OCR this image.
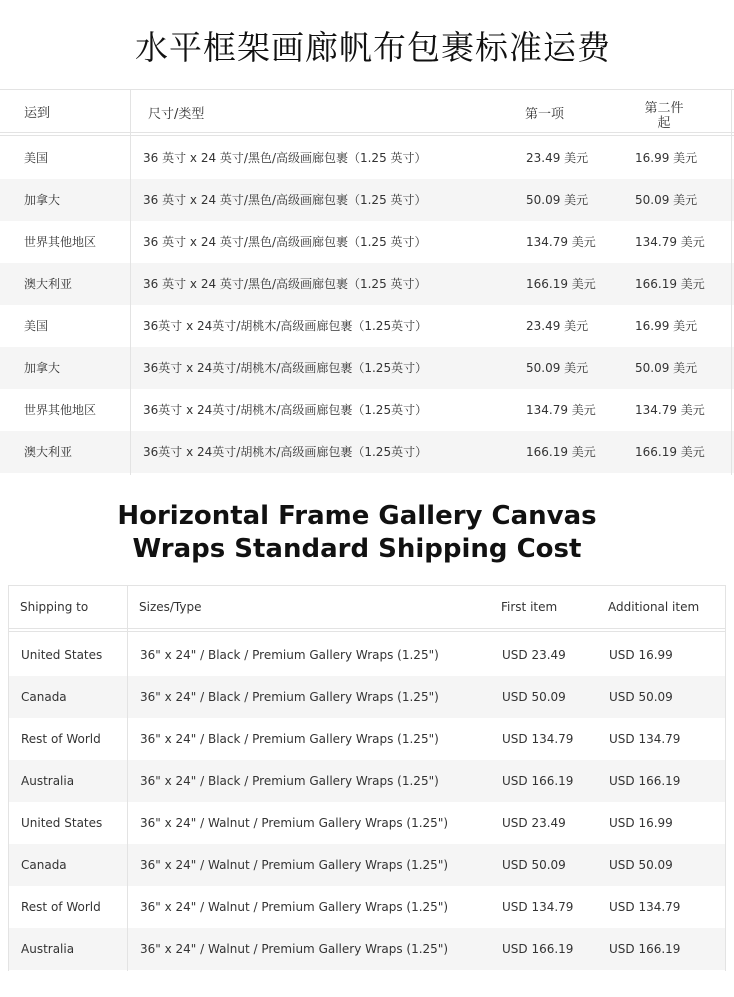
水平框架画廊帆布包裹标准运费
运到	尺寸/类型	第一项	第二件
起
美国	36 英寸 x 24 英寸/黑色/高级画廊包裹（1.25 英寸）	23.49 美元	16.99 美元
加拿大	36 英寸 x 24 英寸/黑色/高级画廊包裹（1.25 英寸）	50.09 美元	50.09 美元
世界其他地区	36 英寸 x 24 英寸/黑色/高级画廊包裹（1.25 英寸）	134.79 美元	134.79 美元
澳大利亚	36 英寸 x 24 英寸/黑色/高级画廊包裹（1.25 英寸）	166.19 美元	166.19 美元
美国	36英寸 x 24英寸/胡桃木/高级画廊包裹（1.25英寸）	23.49 美元	16.99 美元
加拿大	36英寸 x 24英寸/胡桃木/高级画廊包裹（1.25英寸）	50.09 美元	50.09 美元
世界其他地区	36英寸 x 24英寸/胡桃木/高级画廊包裹（1.25英寸）	134.79 美元	134.79 美元
澳大利亚	36英寸 x 24英寸/胡桃木/高级画廊包裹（1.25英寸）	166.19 美元	166.19 美元
Horizontal Frame Gallery Canvas
Wraps Standard Shipping Cost
Shipping to	Sizes/Type	First item	Additional item
United States	36" x 24" / Black / Premium Gallery Wraps (1.25")	USD 23.49	USD 16.99
Canada	36" x 24" / Black / Premium Gallery Wraps (1.25")	USD 50.09	USD 50.09
Rest of World	36" x 24" / Black / Premium Gallery Wraps (1.25")	USD 134.79	USD 134.79
Australia	36" x 24" / Black / Premium Gallery Wraps (1.25")	USD 166.19	USD 166.19
United States	36" x 24" / Walnut / Premium Gallery Wraps (1.25")	USD 23.49	USD 16.99
Canada	36" x 24" / Walnut / Premium Gallery Wraps (1.25")	USD 50.09	USD 50.09
Rest of World	36" x 24" / Walnut / Premium Gallery Wraps (1.25")	USD 134.79	USD 134.79
Australia	36" x 24" / Walnut / Premium Gallery Wraps (1.25")	USD 166.19	USD 166.19
